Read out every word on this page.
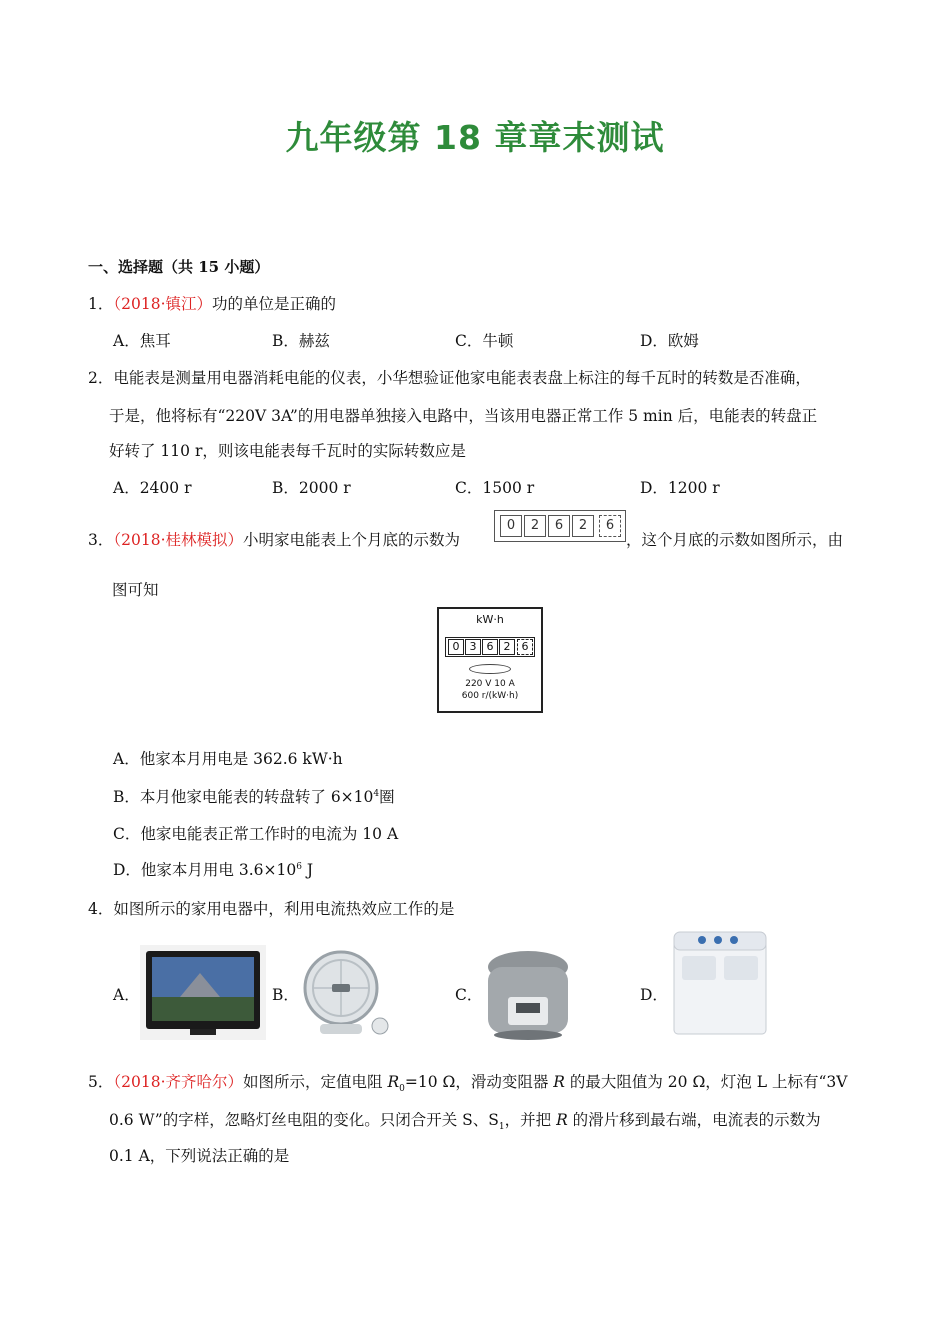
九年级第 18 章章末测试
一、选择题（共 15 小题）
1．（2018·镇江）功的单位是正确的
A．焦耳	B．赫兹	C．牛顿	D．欧姆
2．电能表是测量用电器消耗电能的仪表，小华想验证他家电能表表盘上标注的每千瓦时的转数是否准确，
于是，他将标有“220V 3A”的用电器单独接入电路中，当该用电器正常工作 5 min 后，电能表的转盘正
好转了 110 r，则该电能表每千瓦时的实际转数应是
A．2400 r	B．2000 r	C．1500 r	D．1200 r
3．（2018·桂林模拟）小明家电能表上个月底的示数为
0	2	6	2	6
，这个月底的示数如图所示，由
图可知
kW·h
0 3 6 2	6
220 V 10 A
600 r/(kW·h)
A．他家本月用电是 362.6 kW·h
B．本月他家电能表的转盘转了 $6\times 10^4$圈
C．他家电能表正常工作时的电流为 10 A
D．他家本月用电 $3.6\times 10^6$ J
4．如图所示的家用电器中，利用电流热效应工作的是
A．	B．	C．	D．
5．（2018·齐齐哈尔）如图所示，定值电阻 $R_0=10$ Ω，滑动变阻器 R 的最大阻值为 20 Ω，灯泡 L 上标有“3V
0.6 W”的字样，忽略灯丝电阻的变化。只闭合开关 S、$S_1$，并把 R 的滑片移到最右端，电流表的示数为
0.1 A，下列说法正确的是
